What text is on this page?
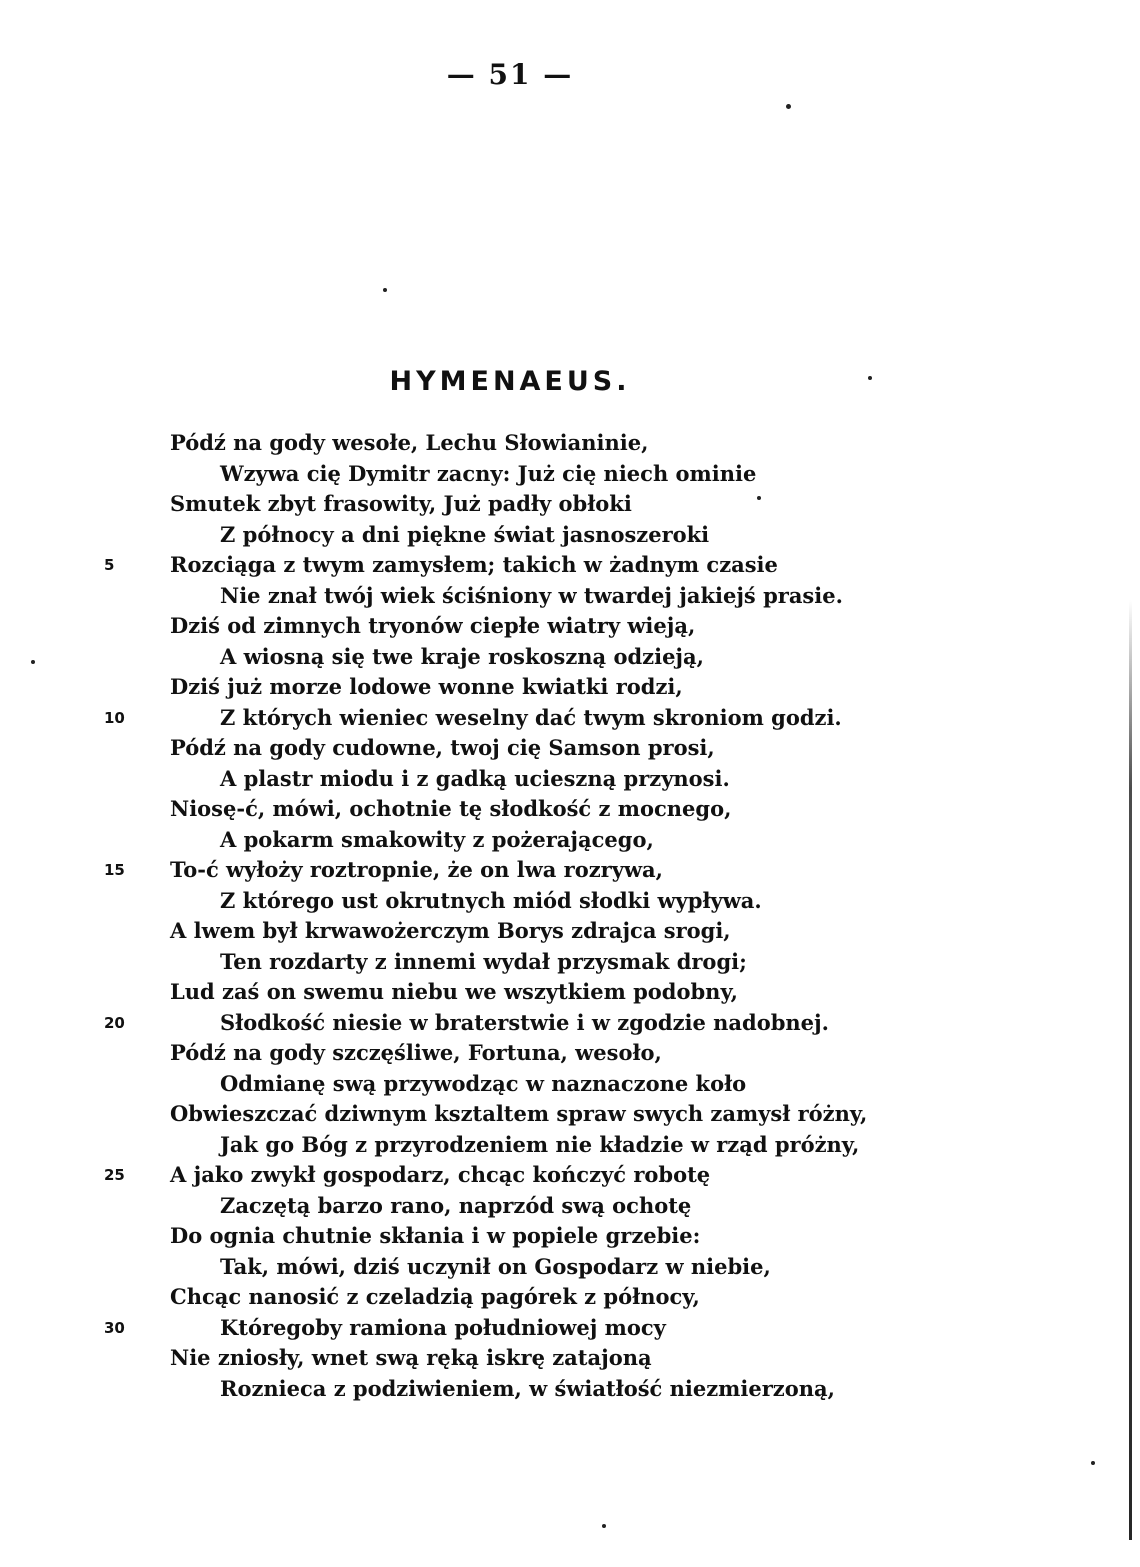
— 51 —
HYMENAEUS.
Pódź na gody wesołe, Lechu Słowianinie,
Wzywa cię Dymitr zacny: Już cię niech ominie
Smutek zbyt frasowity, Już padły obłoki
Z północy a dni piękne świat jasnoszeroki
5	Rozciąga z twym zamysłem; takich w żadnym czasie
Nie znał twój wiek ściśniony w twardej jakiejś prasie.
Dziś od zimnych tryonów ciepłe wiatry wieją,
A wiosną się twe kraje roskoszną odzieją,
Dziś już morze lodowe wonne kwiatki rodzi,
10	Z których wieniec weselny dać twym skroniom godzi.
Pódź na gody cudowne, twoj cię Samson prosi,
A plastr miodu i z gadką ucieszną przynosi.
Niosę-ć, mówi, ochotnie tę słodkość z mocnego,
A pokarm smakowity z pożerającego,
15 To-ć wyłoży roztropnie, że on lwa rozrywa,
Z którego ust okrutnych miód słodki wypływa.
A lwem był krwawożerczym Borys zdrajca srogi,
Ten rozdarty z innemi wydał przysmak drogi;
Lud zaś on swemu niebu we wszytkiem podobny,
20	Słodkość niesie w braterstwie i w zgodzie nadobnej.
Pódź na gody szczęśliwe, Fortuna, wesoło,
Odmianę swą przywodząc w naznaczone koło
Obwieszczać dziwnym ksztaltem spraw swych zamysł różny,
Jak go Bóg z przyrodzeniem nie kładzie w rząd próżny,
25 A jako zwykł gospodarz, chcąc kończyć robotę
Zaczętą barzo rano, naprzód swą ochotę
Do ognia chutnie skłania i w popiele grzebie:
Tak, mówi, dziś uczynił on Gospodarz w niebie,
Chcąc nanosić z czeladzią pagórek z północy,
30	Któregoby ramiona południowej mocy
Nie zniosły, wnet swą ręką iskrę zatajoną
Roznieca z podziwieniem, w światłość niezmierzoną,
